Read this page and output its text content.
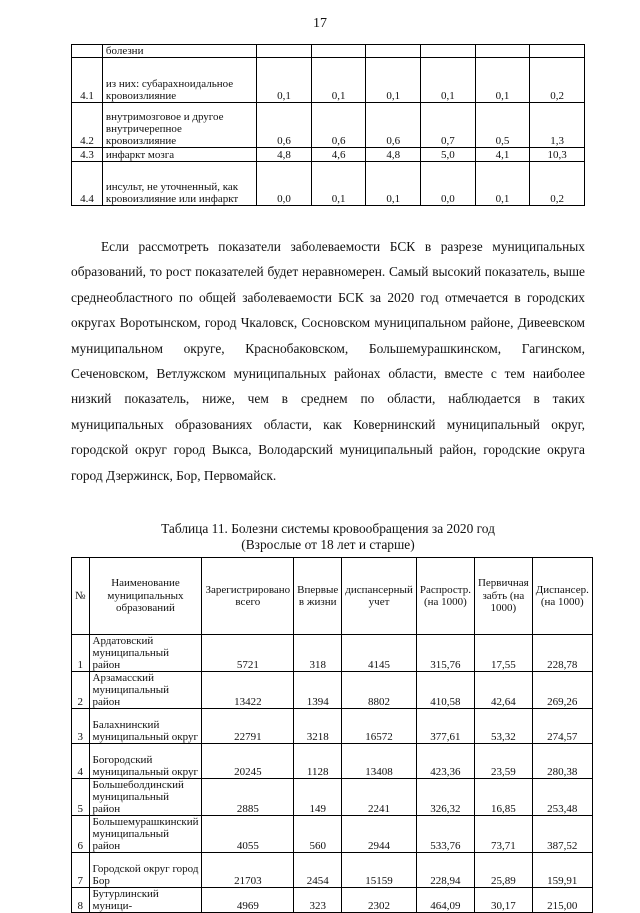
17
	болезни						
4.1	из них: субарахноидальное кровоизлияние	0,1	0,1	0,1	0,1	0,1	0,2
4.2	внутримозговое и другое внутричерепное кровоизлияние	0,6	0,6	0,6	0,7	0,5	1,3
4.3	инфаркт мозга	4,8	4,6	4,8	5,0	4,1	10,3
4.4	инсульт, не уточненный, как кровоизлияние или инфаркт	0,0	0,1	0,1	0,0	0,1	0,2

Если рассмотреть показатели заболеваемости БСК в разрезе муниципальных образований, то рост показателей будет неравномерен. Самый высокий показатель, выше среднеобластного по общей заболеваемости БСК за 2020 год отмечается в городских округах Воротынском, город Чкаловск, Сосновском муниципальном районе, Дивеевском муниципальном округе, Краснобаковском, Большемурашкинском, Гагинском, Сеченовском, Ветлужском муниципальных районах области, вместе с тем наиболее низкий показатель, ниже, чем в среднем по области, наблюдается в таких муниципальных образованиях области, как Ковернинский муниципальный округ, городской округ город Выкса, Володарский муниципальный район, городские округа город Дзержинск, Бор, Первомайск.

Таблица 11. Болезни системы кровообращения за 2020 год
(Взрослые от 18 лет и старше)
№	Наименование муниципальных образований	Зарегистрировано всего	Впервые в жизни	диспансерный учет	Распростр. (на 1000)	Первичная забть (на 1000)	Диспансер. (на 1000)
1	Ардатовский муниципальный район	5721	318	4145	315,76	17,55	228,78
2	Арзамасский муниципальный район	13422	1394	8802	410,58	42,64	269,26
3	Балахнинский муниципальный округ	22791	3218	16572	377,61	53,32	274,57
4	Богородский муниципальный округ	20245	1128	13408	423,36	23,59	280,38
5	Большеболдинский муниципальный район	2885	149	2241	326,32	16,85	253,48
6	Большемурашкинский муниципальный район	4055	560	2944	533,76	73,71	387,52
7	Городской округ город Бор	21703	2454	15159	228,94	25,89	159,91
8	Бутурлинский муници-	4969	323	2302	464,09	30,17	215,00
